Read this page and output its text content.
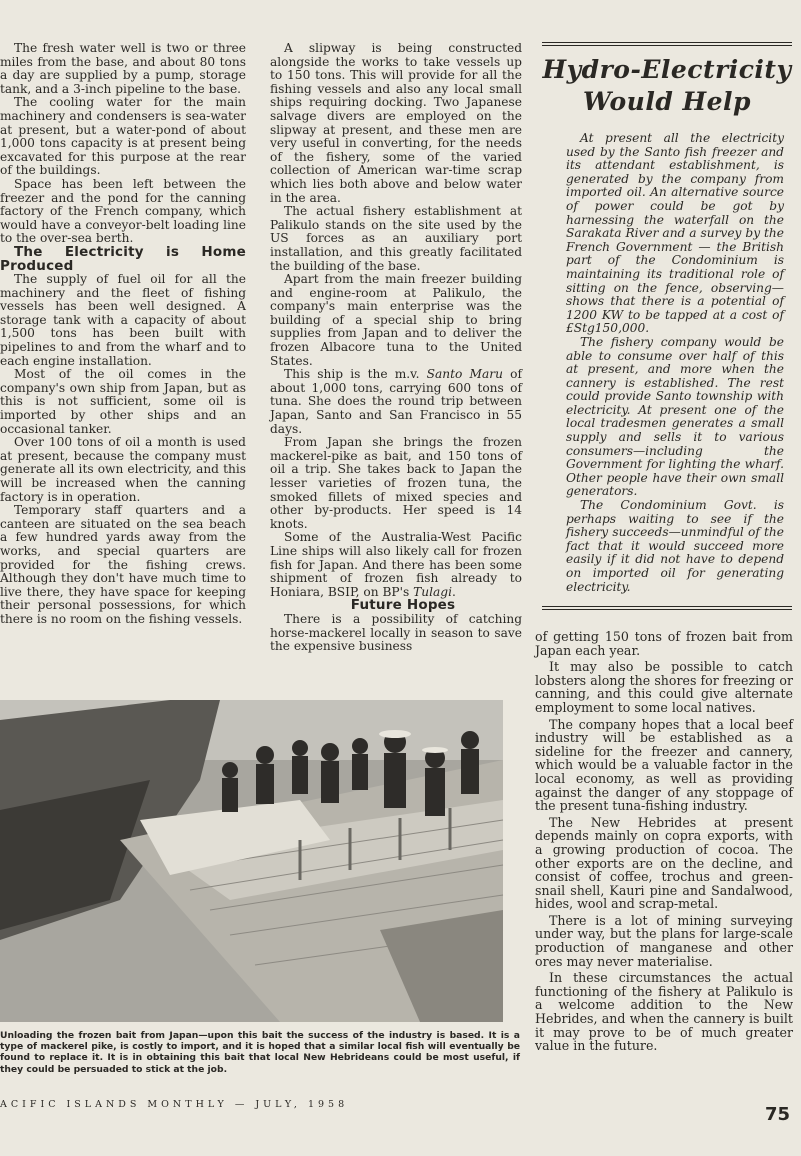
The fresh water well is two or three miles from the base, and about 80 tons a day are supplied by a pump, storage tank, and a 3-inch pipeline to the base.

The cooling water for the main machinery and condensers is sea-water at present, but a water-pond of about 1,000 tons capacity is at present being excavated for this purpose at the rear of the buildings.

Space has been left between the freezer and the pond for the canning factory of the French company, which would have a conveyor-belt loading line to the over-sea berth.

The Electricity is Home Produced

The supply of fuel oil for all the machinery and the fleet of fishing vessels has been well designed. A storage tank with a capacity of about 1,500 tons has been built with pipelines to and from the wharf and to each engine installation.

Most of the oil comes in the company's own ship from Japan, but as this is not sufficient, some oil is imported by other ships and an occasional tanker.

Over 100 tons of oil a month is used at present, because the company must generate all its own electricity, and this will be increased when the canning factory is in operation.

Temporary staff quarters and a canteen are situated on the sea beach a few hundred yards away from the works, and special quarters are provided for the fishing crews. Although they don't have much time to live there, they have space for keeping their personal possessions, for which there is no room on the fishing vessels.

A slipway is being constructed alongside the works to take vessels up to 150 tons. This will provide for all the fishing vessels and also any local small ships requiring docking. Two Japanese salvage divers are employed on the slipway at present, and these men are very useful in converting, for the needs of the fishery, some of the varied collection of American war-time scrap which lies both above and below water in the area.

The actual fishery establishment at Palikulo stands on the site used by the US forces as an auxiliary port installation, and this greatly facilitated the building of the base.

Apart from the main freezer building and engine-room at Palikulo, the company's main enterprise was the building of a special ship to bring supplies from Japan and to deliver the frozen Albacore tuna to the United States.

This ship is the m.v. Santo Maru of about 1,000 tons, carrying 600 tons of tuna. She does the round trip between Japan, Santo and San Francisco in 55 days.

From Japan she brings the frozen mackerel-pike as bait, and 150 tons of oil a trip. She takes back to Japan the lesser varieties of frozen tuna, the smoked fillets of mixed species and other by-products. Her speed is 14 knots.

Some of the Australia-West Pacific Line ships will also likely call for frozen fish for Japan. And there has been some shipment of frozen fish already to Honiara, BSIP, on BP's Tulagi.

Future Hopes

There is a possibility of catching horse-mackerel locally in season to save the expensive business

Hydro-Electricity
Would Help

At present all the electricity used by the Santo fish freezer and its attendant establishment, is generated by the company from imported oil. An alternative source of power could be got by harnessing the waterfall on the Sarakata River and a survey by the French Government — the British part of the Condominium is maintaining its traditional role of sitting on the fence, observing—shows that there is a potential of 1200 KW to be tapped at a cost of £Stg150,000.

The fishery company would be able to consume over half of this at present, and more when the cannery is established. The rest could provide Santo township with electricity. At present one of the local tradesmen generates a small supply and sells it to various consumers—including the Government for lighting the wharf. Other people have their own small generators.

The Condominium Govt. is perhaps waiting to see if the fishery succeeds—unmindful of the fact that it would succeed more easily if it did not have to depend on imported oil for generating electricity.

of getting 150 tons of frozen bait from Japan each year.

It may also be possible to catch lobsters along the shores for freezing or canning, and this could give alternate employment to some local natives.

The company hopes that a local beef industry will be established as a sideline for the freezer and cannery, which would be a valuable factor in the local economy, as well as providing against the danger of any stoppage of the present tuna-fishing industry.

The New Hebrides at present depends mainly on copra exports, with a growing production of cocoa. The other exports are on the decline, and consist of coffee, trochus and green-snail shell, Kauri pine and Sandalwood, hides, wool and scrap-metal.

There is a lot of mining surveying under way, but the plans for large-scale production of manganese and other ores may never materialise.

In these circumstances the actual functioning of the fishery at Palikulo is a welcome addition to the New Hebrides, and when the cannery is built it may prove to be of much greater value in the future.

Unloading the frozen bait from Japan—upon this bait the success of the industry is based. It is a type of mackerel pike, is costly to import, and it is hoped that a similar local fish will eventually be found to replace it. It is in obtaining this bait that local New Hebrideans could be most useful, if they could be persuaded to stick at the job.
ACIFIC ISLANDS MONTHLY — JULY, 1958	75
